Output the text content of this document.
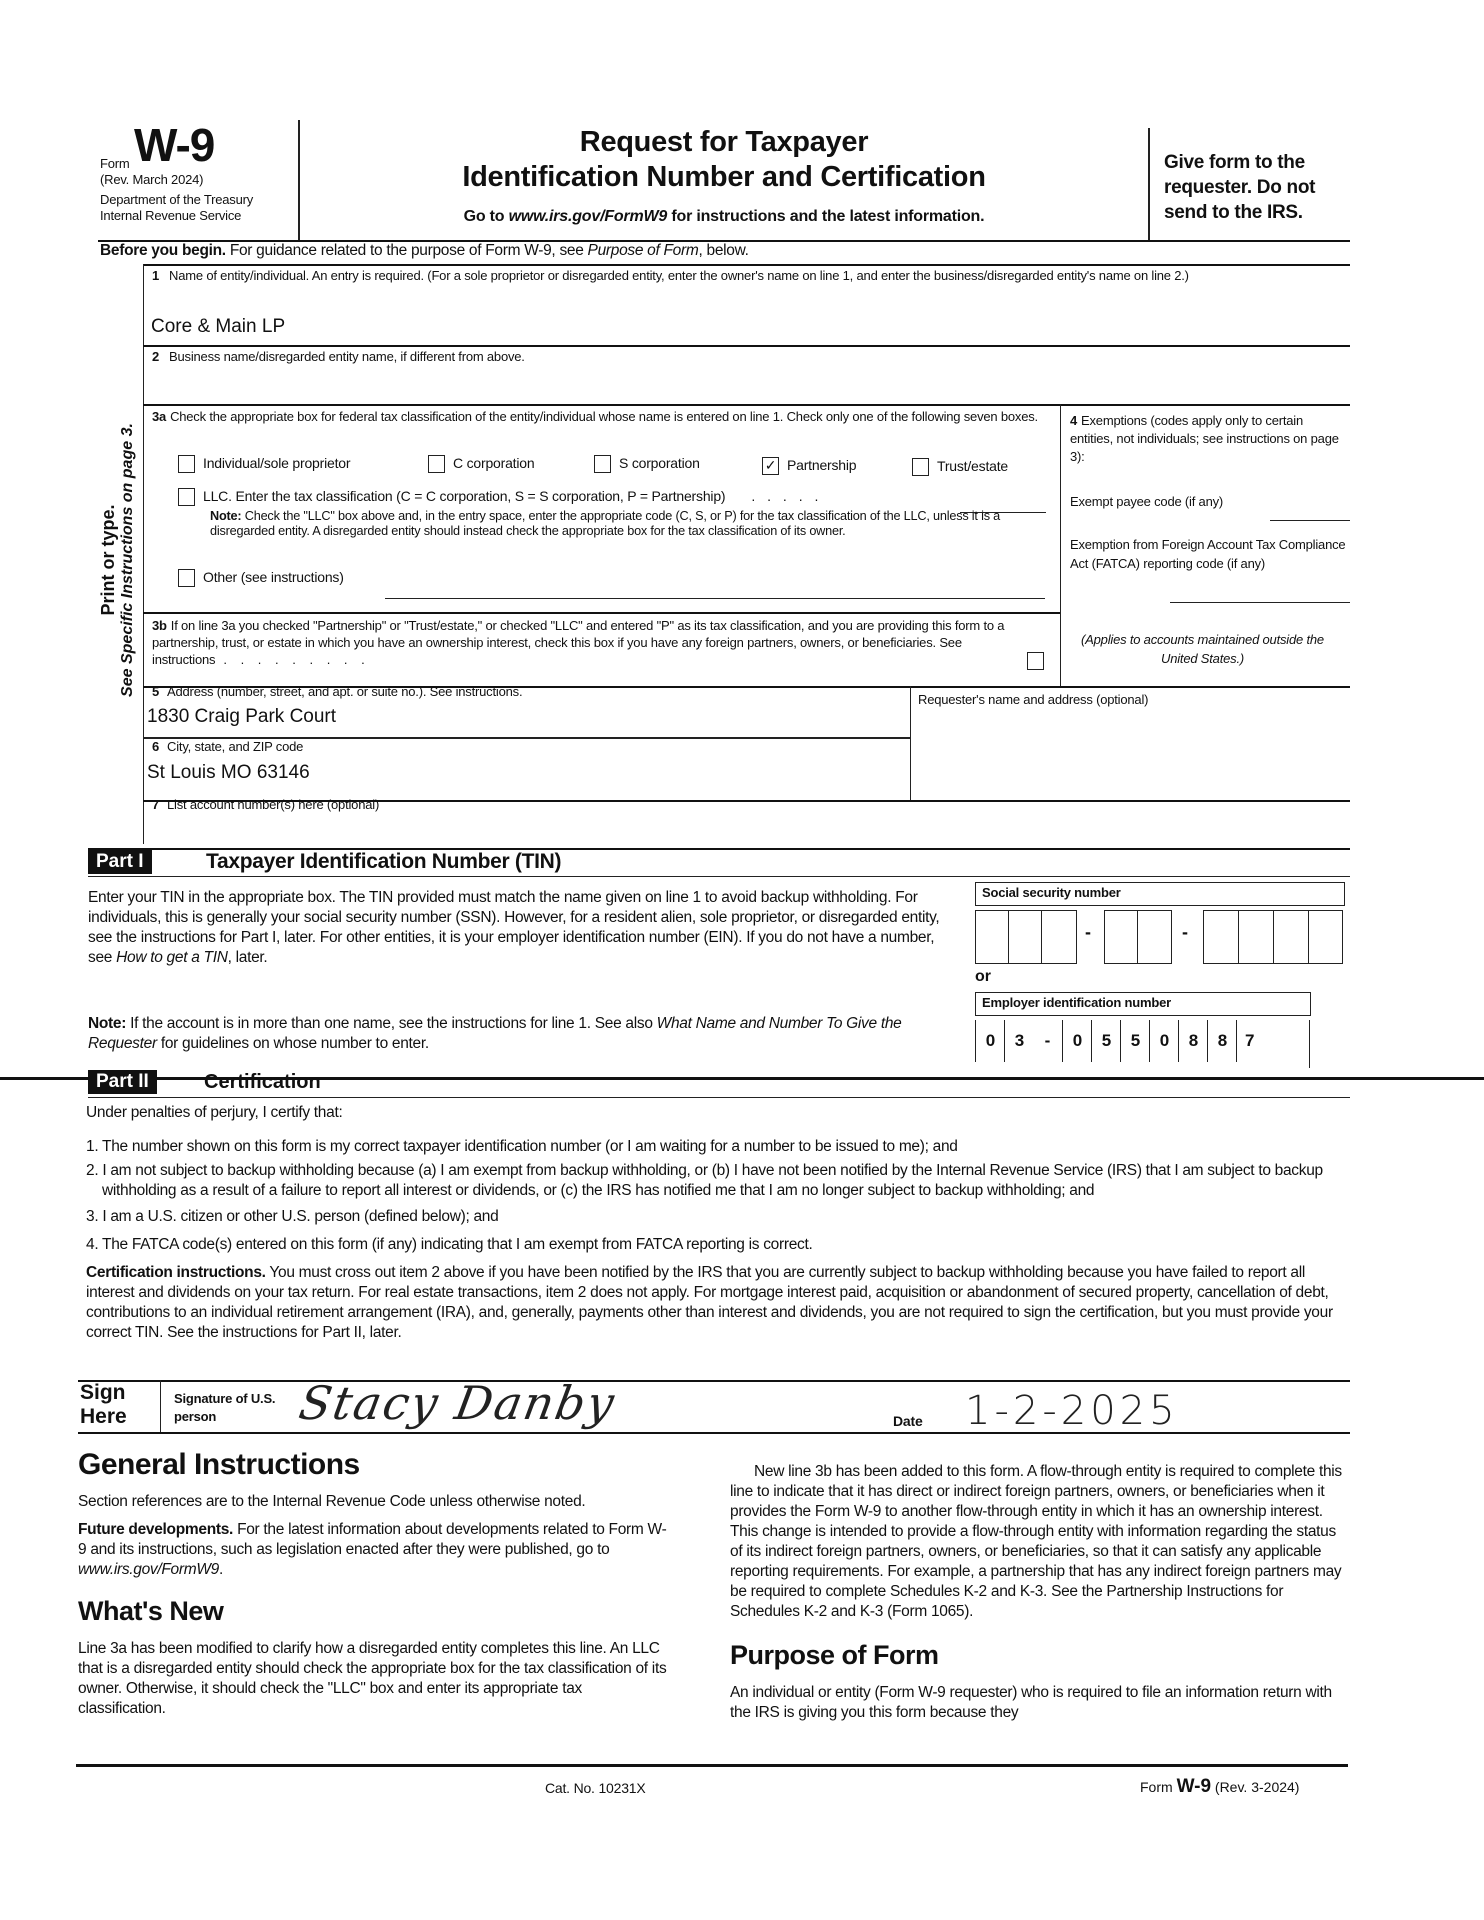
Form W-9
(Rev. March 2024)
Department of the Treasury
Internal Revenue Service
Request for Taxpayer
Identification Number and Certification
Go to www.irs.gov/FormW9 for instructions and the latest information.
Give form to the requester. Do not send to the IRS.
Before you begin. For guidance related to the purpose of Form W-9, see Purpose of Form, below.
Print or type. See Specific Instructions on page 3.
1 Name of entity/individual. An entry is required. (For a sole proprietor or disregarded entity, enter the owner's name on line 1, and enter the business/disregarded entity's name on line 2.)
Core & Main LP
2 Business name/disregarded entity name, if different from above.
3a Check the appropriate box for federal tax classification of the entity/individual whose name is entered on line 1. Check only one of the following seven boxes.
Individual/sole proprietor	C corporation	S corporation	✓ Partnership	Trust/estate
LLC. Enter the tax classification (C = C corporation, S = S corporation, P = Partnership) . . . . .
Note: Check the "LLC" box above and, in the entry space, enter the appropriate code (C, S, or P) for the tax classification of the LLC, unless it is a disregarded entity. A disregarded entity should instead check the appropriate box for the tax classification of its owner.
Other (see instructions)
3b If on line 3a you checked "Partnership" or "Trust/estate," or checked "LLC" and entered "P" as its tax classification, and you are providing this form to a partnership, trust, or estate in which you have an ownership interest, check this box if you have any foreign partners, owners, or beneficiaries. See instructions . . . . . . . . .
4 Exemptions (codes apply only to certain entities, not individuals; see instructions on page 3):
Exempt payee code (if any)
Exemption from Foreign Account Tax Compliance Act (FATCA) reporting code (if any)
(Applies to accounts maintained outside the United States.)
5 Address (number, street, and apt. or suite no.). See instructions.
1830 Craig Park Court
6 City, state, and ZIP code
St Louis MO 63146
Requester's name and address (optional)
7 List account number(s) here (optional)
Part I	Taxpayer Identification Number (TIN)
Enter your TIN in the appropriate box. The TIN provided must match the name given on line 1 to avoid backup withholding. For individuals, this is generally your social security number (SSN). However, for a resident alien, sole proprietor, or disregarded entity, see the instructions for Part I, later. For other entities, it is your employer identification number (EIN). If you do not have a number, see How to get a TIN, later.
Note: If the account is in more than one name, see the instructions for line 1. See also What Name and Number To Give the Requester for guidelines on whose number to enter.
Social security number
-	-
or
Employer identification number
0	3	-	0	5	5	0	8	8	7
Part II	Certification
Under penalties of perjury, I certify that:

1. The number shown on this form is my correct taxpayer identification number (or I am waiting for a number to be issued to me); and

2. I am not subject to backup withholding because (a) I am exempt from backup withholding, or (b) I have not been notified by the Internal Revenue Service (IRS) that I am subject to backup withholding as a result of a failure to report all interest or dividends, or (c) the IRS has notified me that I am no longer subject to backup withholding; and

3. I am a U.S. citizen or other U.S. person (defined below); and

4. The FATCA code(s) entered on this form (if any) indicating that I am exempt from FATCA reporting is correct.

Certification instructions. You must cross out item 2 above if you have been notified by the IRS that you are currently subject to backup withholding because you have failed to report all interest and dividends on your tax return. For real estate transactions, item 2 does not apply. For mortgage interest paid, acquisition or abandonment of secured property, cancellation of debt, contributions to an individual retirement arrangement (IRA), and, generally, payments other than interest and dividends, you are not required to sign the certification, but you must provide your correct TIN. See the instructions for Part II, later.

Sign Here
Signature of U.S. person	Stacy Danby	Date 1-2-2025
General Instructions

Section references are to the Internal Revenue Code unless otherwise noted.

Future developments. For the latest information about developments related to Form W-9 and its instructions, such as legislation enacted after they were published, go to www.irs.gov/FormW9.

What's New

Line 3a has been modified to clarify how a disregarded entity completes this line. An LLC that is a disregarded entity should check the appropriate box for the tax classification of its owner. Otherwise, it should check the "LLC" box and enter its appropriate tax classification.

New line 3b has been added to this form. A flow-through entity is required to complete this line to indicate that it has direct or indirect foreign partners, owners, or beneficiaries when it provides the Form W-9 to another flow-through entity in which it has an ownership interest. This change is intended to provide a flow-through entity with information regarding the status of its indirect foreign partners, owners, or beneficiaries, so that it can satisfy any applicable reporting requirements. For example, a partnership that has any indirect foreign partners may be required to complete Schedules K-2 and K-3. See the Partnership Instructions for Schedules K-2 and K-3 (Form 1065).

Purpose of Form

An individual or entity (Form W-9 requester) who is required to file an information return with the IRS is giving you this form because they

Cat. No. 10231X	Form W-9 (Rev. 3-2024)
